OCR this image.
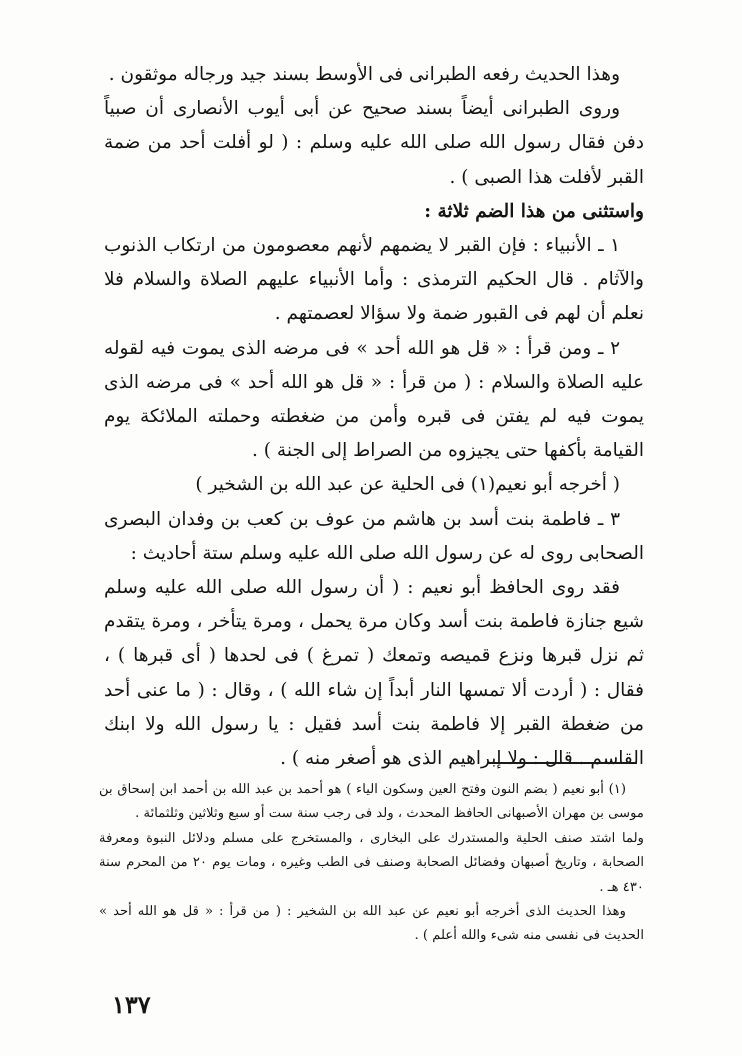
وهذا الحديث رفعه الطبرانى فى الأوسط بسند جيد ورجاله موثقون .

وروى الطبرانى أيضاً بسند صحيح عن أبى أيوب الأنصارى أن صبياً دفن فقال رسول الله صلى الله عليه وسلم : ( لو أفلت أحد من ضمة القبر لأفلت هذا الصبى ) .

واستثنى من هذا الضم ثلاثة :

١ ـ الأنبياء : فإن القبر لا يضمهم لأنهم معصومون من ارتكاب الذنوب والآثام . قال الحكيم الترمذى : وأما الأنبياء عليهم الصلاة والسلام فلا نعلم أن لهم فى القبور ضمة ولا سؤالا لعصمتهم .

٢ ـ ومن قرأ : « قل هو الله أحد » فى مرضه الذى يموت فيه لقوله عليه الصلاة والسلام : ( من قرأ : « قل هو الله أحد » فى مرضه الذى يموت فيه لم يفتن فى قبره وأمن من ضغطته وحملته الملائكة يوم القيامة بأكفها حتى يجيزوه من الصراط إلى الجنة ) .

( أخرجه أبو نعيم(١) فى الحلية عن عبد الله بن الشخير )

٣ ـ فاطمة بنت أسد بن هاشم من عوف بن كعب بن وفدان البصرى الصحابى روى له عن رسول الله صلى الله عليه وسلم ستة أحاديث :

فقد روى الحافظ أبو نعيم : ( أن رسول الله صلى الله عليه وسلم شيع جنازة فاطمة بنت أسد وكان مرة يحمل ، ومرة يتأخر ، ومرة يتقدم ثم نزل قبرها ونزع قميصه وتمعك ( تمرغ ) فى لحدها ( أى قبرها ) ، فقال : ( أردت ألا تمسها النار أبداً إن شاء الله ) ، وقال : ( ما عنى أحد من ضغطة القبر إلا فاطمة بنت أسد فقيل : يا رسول الله ولا ابنك القاسم . قال : ولا إبراهيم الذى هو أصغر منه ) .

(١) أبو نعيم ( بضم النون وفتح العين وسكون الياء ) هو أحمد بن عبد الله بن أحمد ابن إسحاق بن موسى بن مهران الأصبهانى الحافظ المحدث ، ولد فى رجب سنة ست أو سبع وثلاثين وثلثمائة .

ولما اشتد صنف الحلية والمستدرك على البخارى ، والمستخرج على مسلم ودلائل النبوة ومعرفة الصحابة ، وتاريخ أصبهان وفضائل الصحابة وصنف فى الطب وغيره ، ومات يوم ٢٠ من المحرم سنة ٤٣٠ هـ .

وهذا الحديث الذى أخرجه أبو نعيم عن عبد الله بن الشخير : ( من قرأ : « قل هو الله أحد » الحديث فى نفسى منه شىء والله أعلم ) .

١٣٧
